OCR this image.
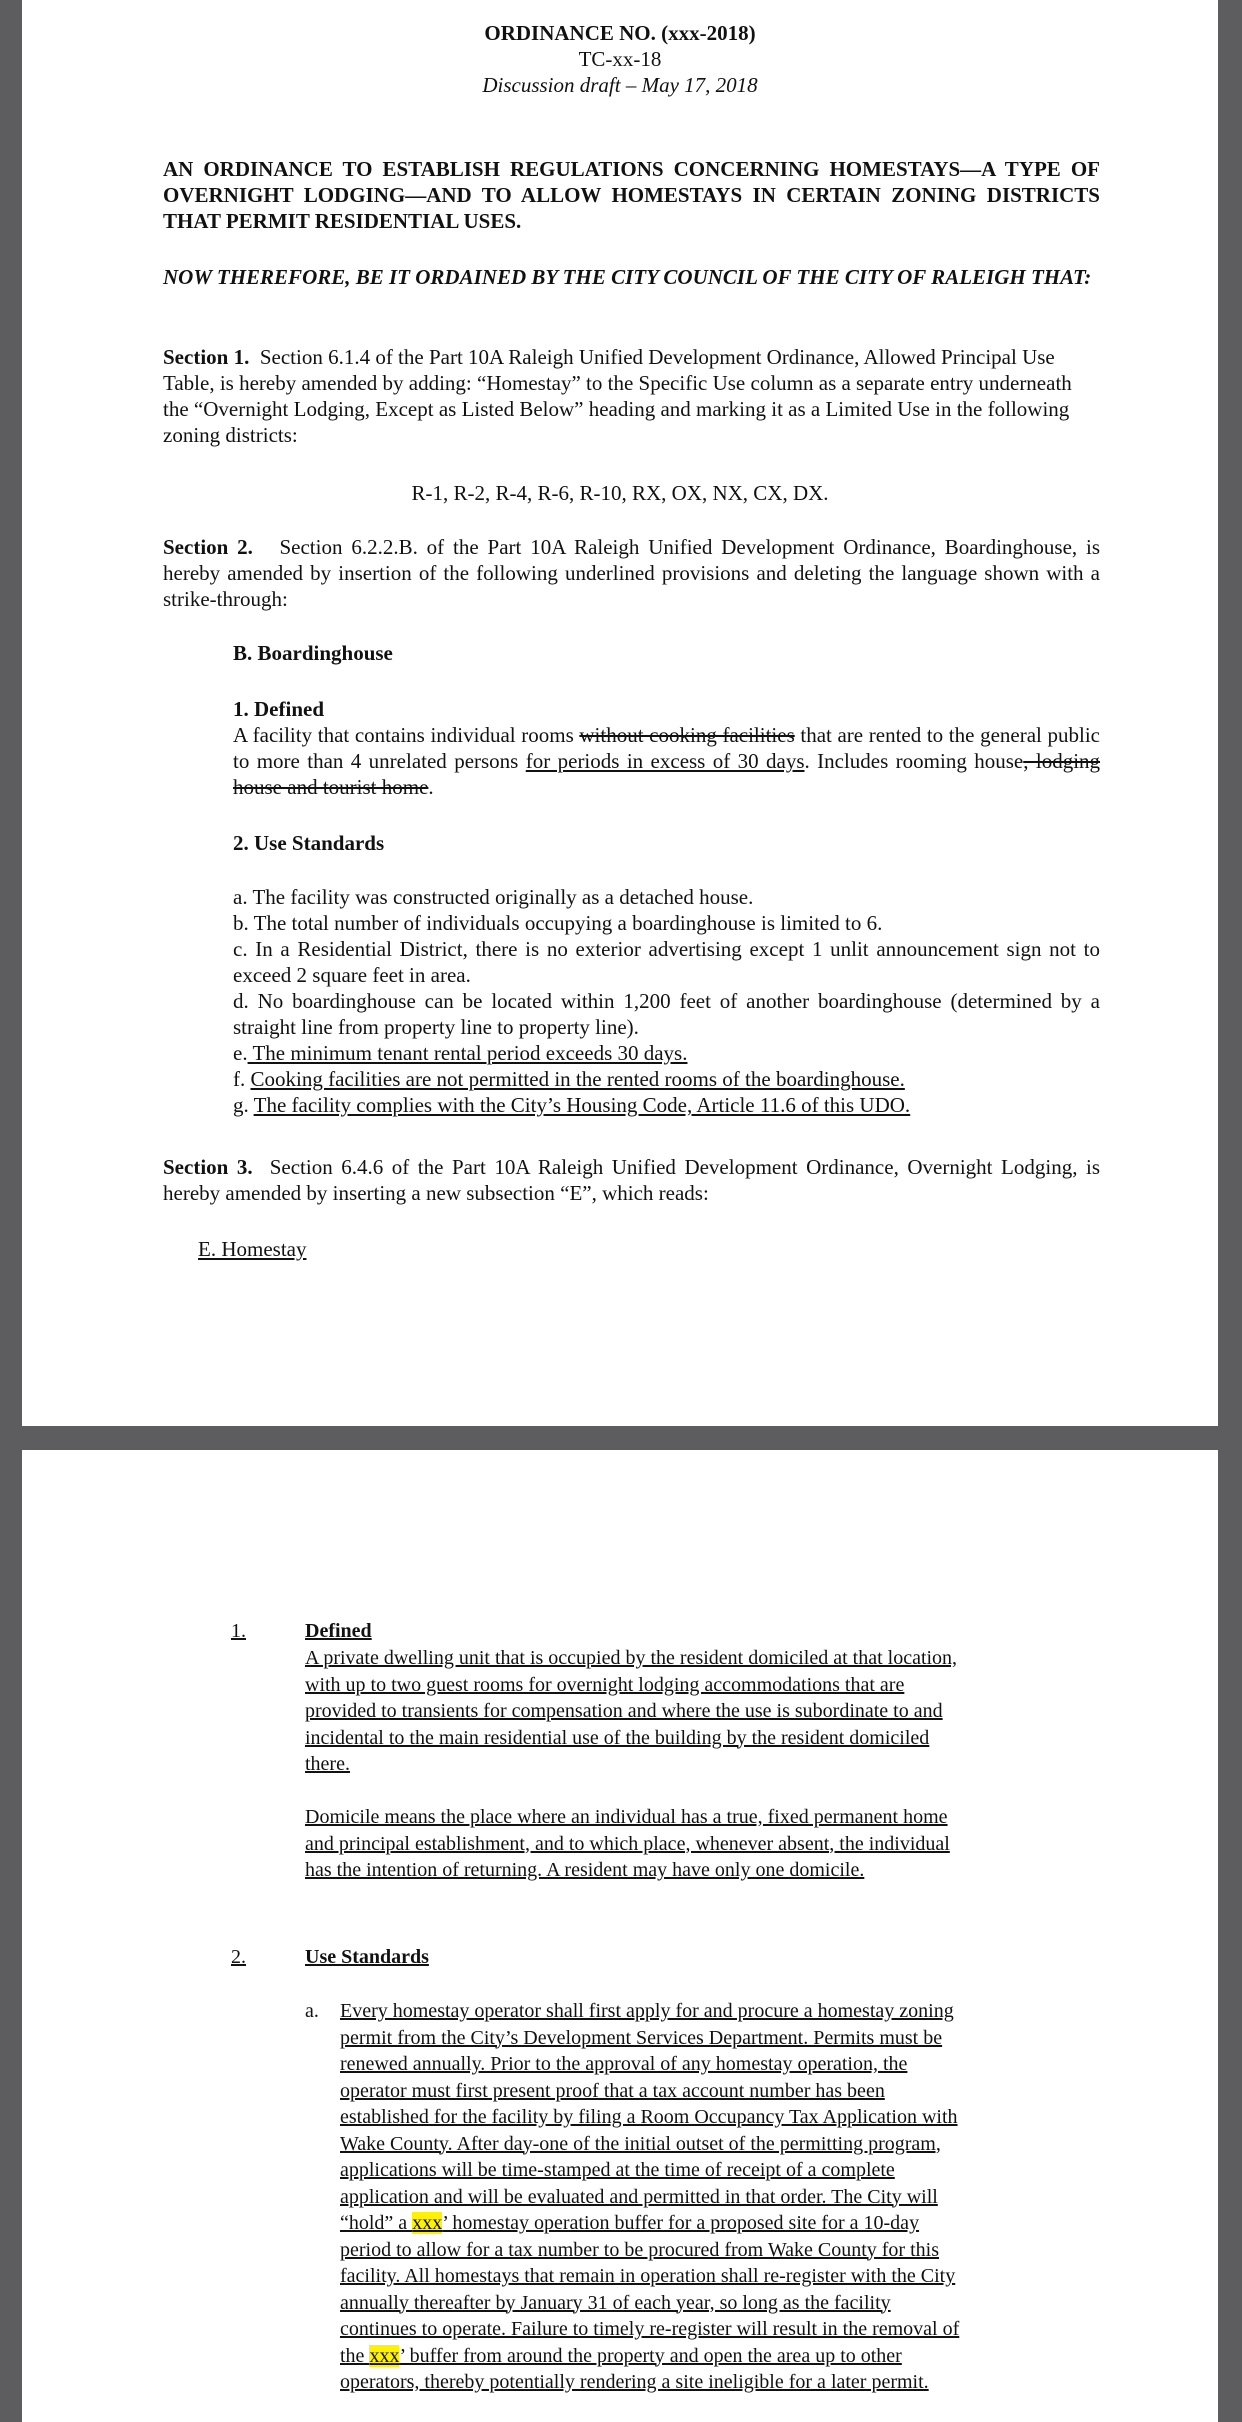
ORDINANCE NO. (xxx-2018)
TC-xx-18
Discussion draft – May 17, 2018
AN ORDINANCE TO ESTABLISH REGULATIONS CONCERNING HOMESTAYS—A TYPE OF OVERNIGHT LODGING—AND TO ALLOW HOMESTAYS IN CERTAIN ZONING DISTRICTS THAT PERMIT RESIDENTIAL USES.
NOW THEREFORE, BE IT ORDAINED BY THE CITY COUNCIL OF THE CITY OF RALEIGH THAT:
Section 1. Section 6.1.4 of the Part 10A Raleigh Unified Development Ordinance, Allowed Principal Use Table, is hereby amended by adding: “Homestay” to the Specific Use column as a separate entry underneath the “Overnight Lodging, Except as Listed Below” heading and marking it as a Limited Use in the following zoning districts:
R-1, R-2, R-4, R-6, R-10, RX, OX, NX, CX, DX.
Section 2. Section 6.2.2.B. of the Part 10A Raleigh Unified Development Ordinance, Boardinghouse, is hereby amended by insertion of the following underlined provisions and deleting the language shown with a strike-through:
B. Boardinghouse
1. Defined
A facility that contains individual rooms without cooking facilities that are rented to the general public to more than 4 unrelated persons for periods in excess of 30 days. Includes rooming house, lodging house and tourist home.
2. Use Standards
a. The facility was constructed originally as a detached house.
b. The total number of individuals occupying a boardinghouse is limited to 6.
c. In a Residential District, there is no exterior advertising except 1 unlit announcement sign not to exceed 2 square feet in area.
d. No boardinghouse can be located within 1,200 feet of another boardinghouse (determined by a straight line from property line to property line).
e. The minimum tenant rental period exceeds 30 days.
f. Cooking facilities are not permitted in the rented rooms of the boardinghouse.
g. The facility complies with the City’s Housing Code, Article 11.6 of this UDO.
Section 3. Section 6.4.6 of the Part 10A Raleigh Unified Development Ordinance, Overnight Lodging, is hereby amended by inserting a new subsection “E”, which reads:
E. Homestay
1.	Defined
A private dwelling unit that is occupied by the resident domiciled at that location,
with up to two guest rooms for overnight lodging accommodations that are
provided to transients for compensation and where the use is subordinate to and
incidental to the main residential use of the building by the resident domiciled
there.
Domicile means the place where an individual has a true, fixed permanent home
and principal establishment, and to which place, whenever absent, the individual
has the intention of returning. A resident may have only one domicile.
2.	Use Standards
a. Every homestay operator shall first apply for and procure a homestay zoning
permit from the City’s Development Services Department. Permits must be
renewed annually. Prior to the approval of any homestay operation, the
operator must first present proof that a tax account number has been
established for the facility by filing a Room Occupancy Tax Application with
Wake County. After day-one of the initial outset of the permitting program,
applications will be time-stamped at the time of receipt of a complete
application and will be evaluated and permitted in that order. The City will
“hold” a xxx’ homestay operation buffer for a proposed site for a 10-day
period to allow for a tax number to be procured from Wake County for this
facility. All homestays that remain in operation shall re-register with the City
annually thereafter by January 31 of each year, so long as the facility
continues to operate. Failure to timely re-register will result in the removal of
the xxx’ buffer from around the property and open the area up to other
operators, thereby potentially rendering a site ineligible for a later permit.
